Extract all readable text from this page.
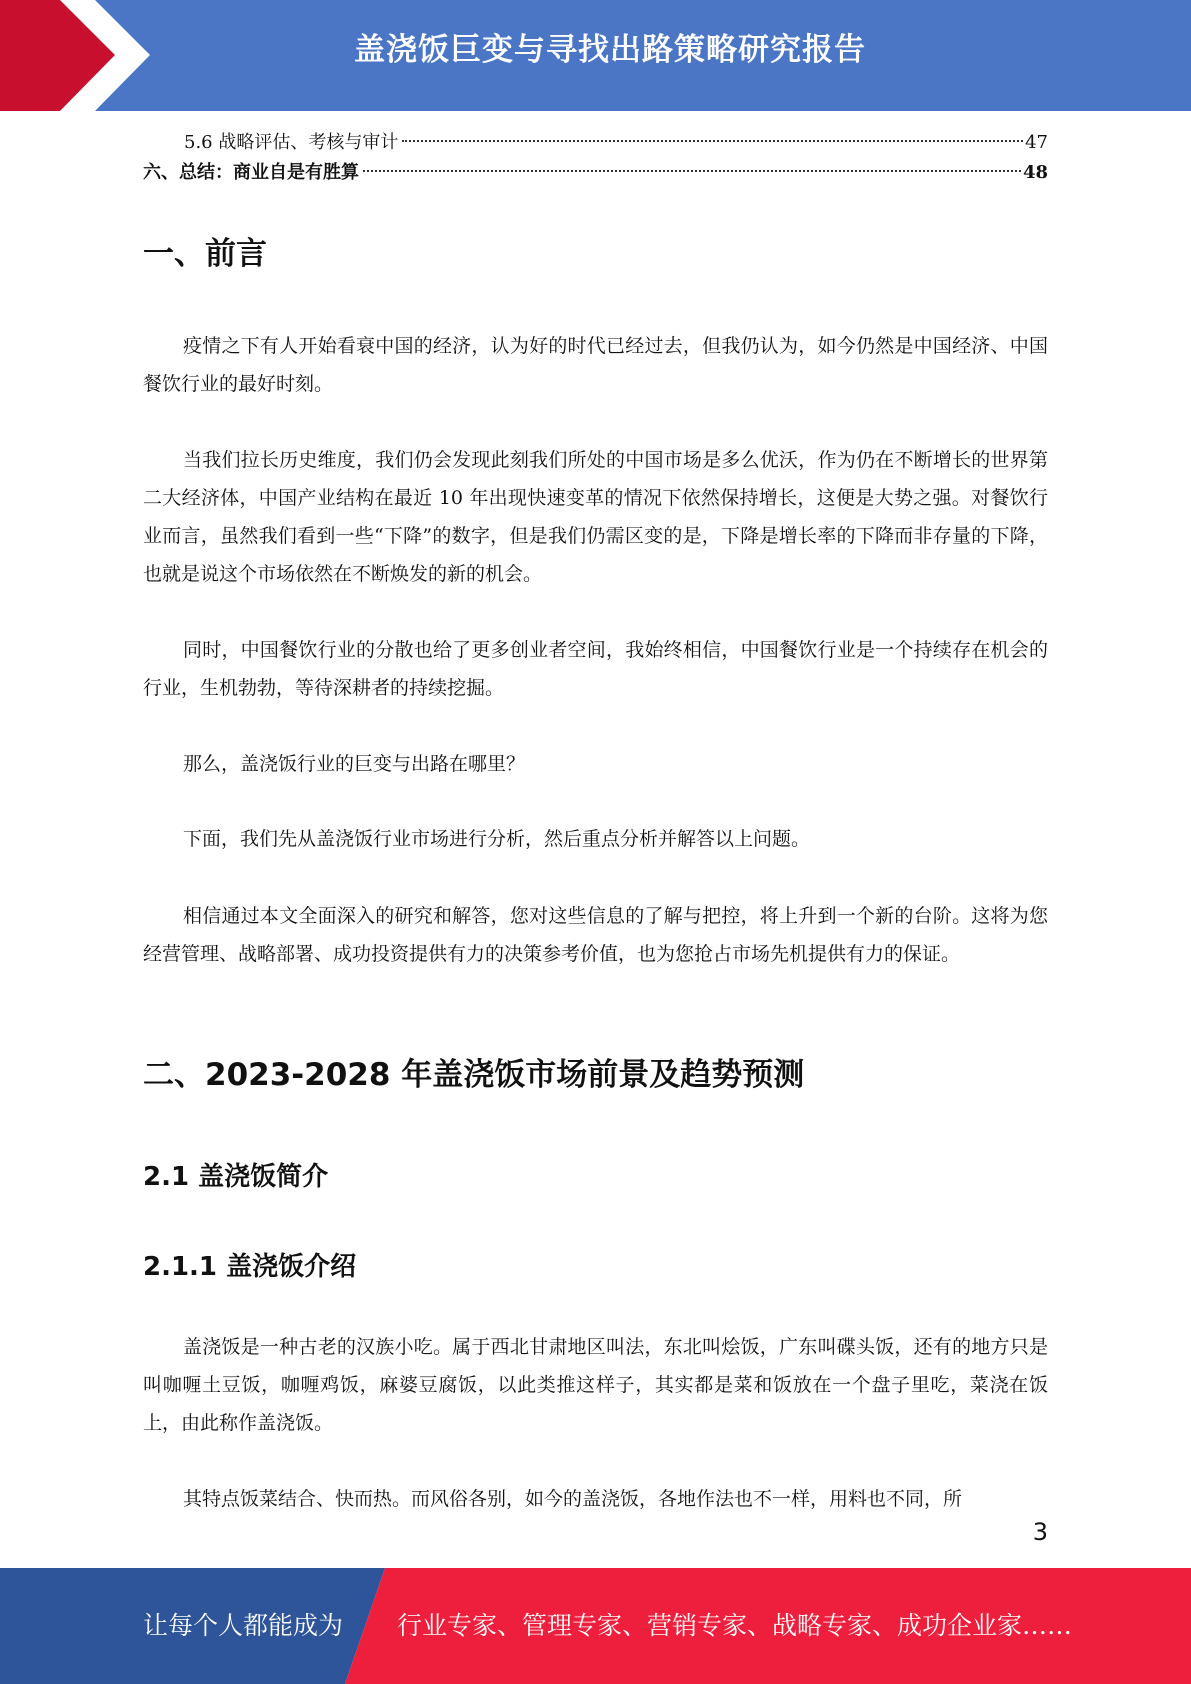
盖浇饭巨变与寻找出路策略研究报告
5.6 战略评估、考核与审计	47
六、总结：商业自是有胜算	48
一、前言
疫情之下有人开始看衰中国的经济，认为好的时代已经过去，但我仍认为，如今仍然是中国经济、中国餐饮行业的最好时刻。
当我们拉长历史维度，我们仍会发现此刻我们所处的中国市场是多么优沃，作为仍在不断增长的世界第二大经济体，中国产业结构在最近 10 年出现快速变革的情况下依然保持增长，这便是大势之强。对餐饮行业而言，虽然我们看到一些“下降”的数字，但是我们仍需区变的是，下降是增长率的下降而非存量的下降，也就是说这个市场依然在不断焕发的新的机会。
同时，中国餐饮行业的分散也给了更多创业者空间，我始终相信，中国餐饮行业是一个持续存在机会的行业，生机勃勃，等待深耕者的持续挖掘。
那么，盖浇饭行业的巨变与出路在哪里？
下面，我们先从盖浇饭行业市场进行分析，然后重点分析并解答以上问题。
相信通过本文全面深入的研究和解答，您对这些信息的了解与把控，将上升到一个新的台阶。这将为您经营管理、战略部署、成功投资提供有力的决策参考价值，也为您抢占市场先机提供有力的保证。
二、2023-2028 年盖浇饭市场前景及趋势预测
2.1 盖浇饭简介
2.1.1 盖浇饭介绍
盖浇饭是一种古老的汉族小吃。属于西北甘肃地区叫法，东北叫烩饭，广东叫碟头饭，还有的地方只是叫咖喱土豆饭，咖喱鸡饭，麻婆豆腐饭，以此类推这样子，其实都是菜和饭放在一个盘子里吃，菜浇在饭上，由此称作盖浇饭。
其特点饭菜结合、快而热。而风俗各别，如今的盖浇饭，各地作法也不一样，用料也不同，所
3
让每个人都能成为 行业专家、管理专家、营销专家、战略专家、成功企业家……
